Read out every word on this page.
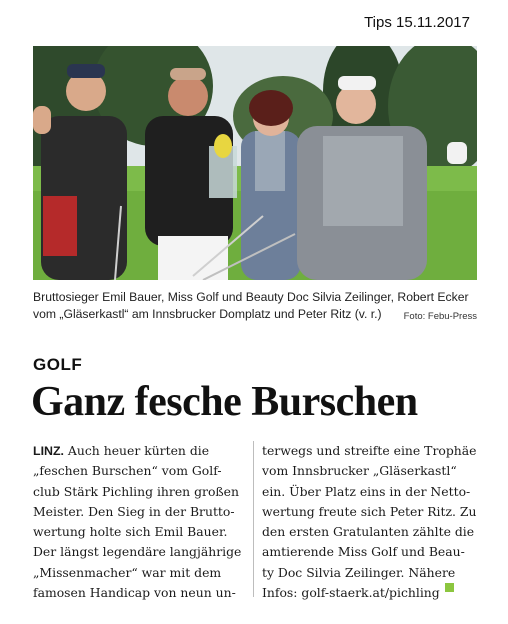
Tips 15.11.2017
Bruttosieger Emil Bauer, Miss Golf und Beauty Doc Silvia Zeilinger, Robert Ecker
vom „Gläserkastl“ am Innsbrucker Domplatz und Peter Ritz (v. r.)	Foto: Febu-Press
GOLF
Ganz fesche Burschen
LINZ. Auch heuer kürten die
„feschen Burschen“ vom Golf-
club Stärk Pichling ihren großen
Meister. Den Sieg in der Brutto-
wertung holte sich Emil Bauer.
Der längst legendäre langjährige
„Missenmacher“ war mit dem
famosen Handicap von neun un-
terwegs und streifte eine Trophäe
vom Innsbrucker „Gläserkastl“
ein. Über Platz eins in der Netto-
wertung freute sich Peter Ritz. Zu
den ersten Gratulanten zählte die
amtierende Miss Golf und Beau-
ty Doc Silvia Zeilinger. Nähere
Infos: golf-staerk.at/pichling
